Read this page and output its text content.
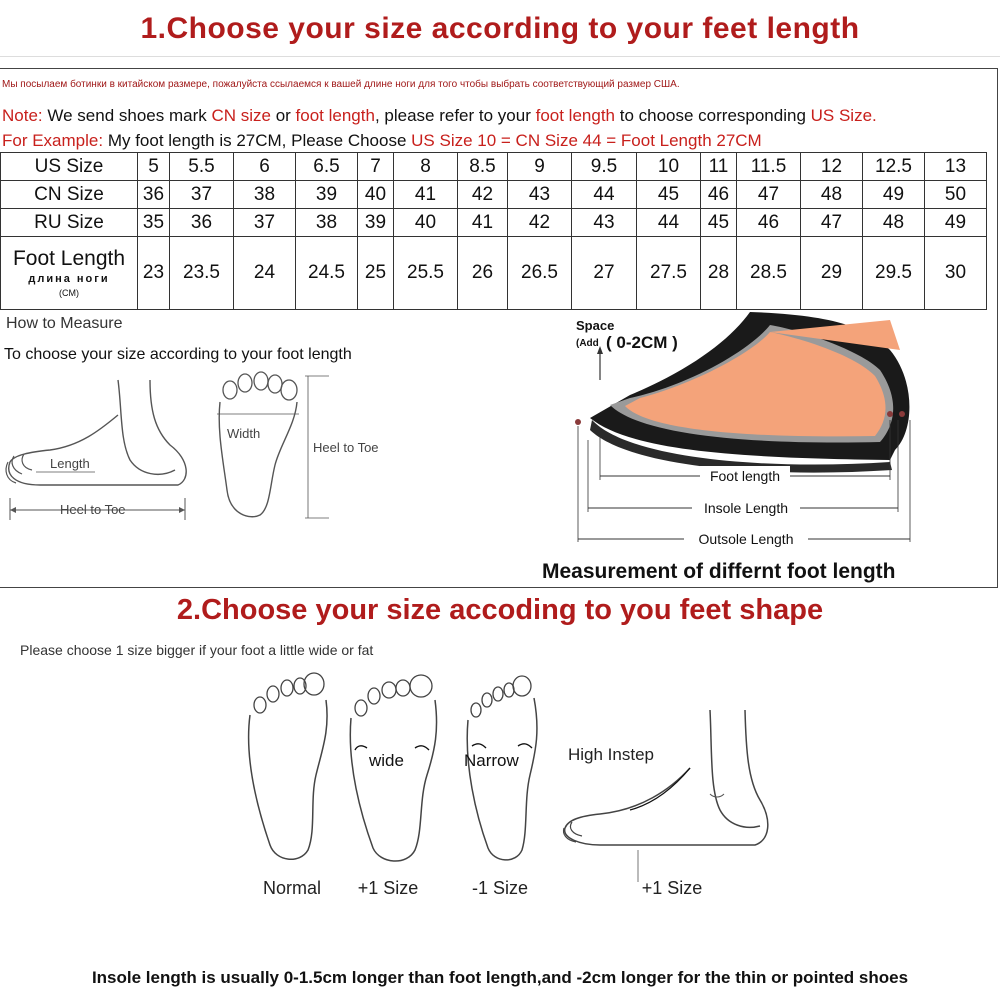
1.Choose your size according to your feet length
Мы посылаем ботинки в китайском размере, пожалуйста ссылаемся к вашей длине ноги для того чтобы выбрать соответствующий размер США.
Note: We send shoes mark CN size or foot length, please refer to your foot length to choose corresponding US Size.
For Example: My foot length is 27CM, Please Choose US Size 10 = CN Size 44 = Foot Length 27CM
US Size	5	5.5	6	6.5	7	8	8.5	9	9.5	10	11	11.5	12	12.5	13
CN Size	36	37	38	39	40	41	42	43	44	45	46	47	48	49	50
RU Size	35	36	37	38	39	40	41	42	43	44	45	46	47	48	49

Foot Length
длина ноги
(CM)	23	23.5	24	24.5	25	25.5	26	26.5	27	27.5	28	28.5	29	29.5	30
How to Measure
To choose your size according to your foot length
Length
Heel to Toe
Width
Heel to Toe
Space
(Add ( 0-2CM )
Foot length
Insole Length
Outsole Length
Measurement of differnt foot length
2.Choose your size accoding to you feet shape
Please choose 1 size bigger if your foot a little wide or fat
Normal
wide
+1 Size
Narrow
-1 Size
High Instep
+1 Size
Insole length is usually 0-1.5cm longer than foot length,and -2cm longer for the thin or pointed shoes
